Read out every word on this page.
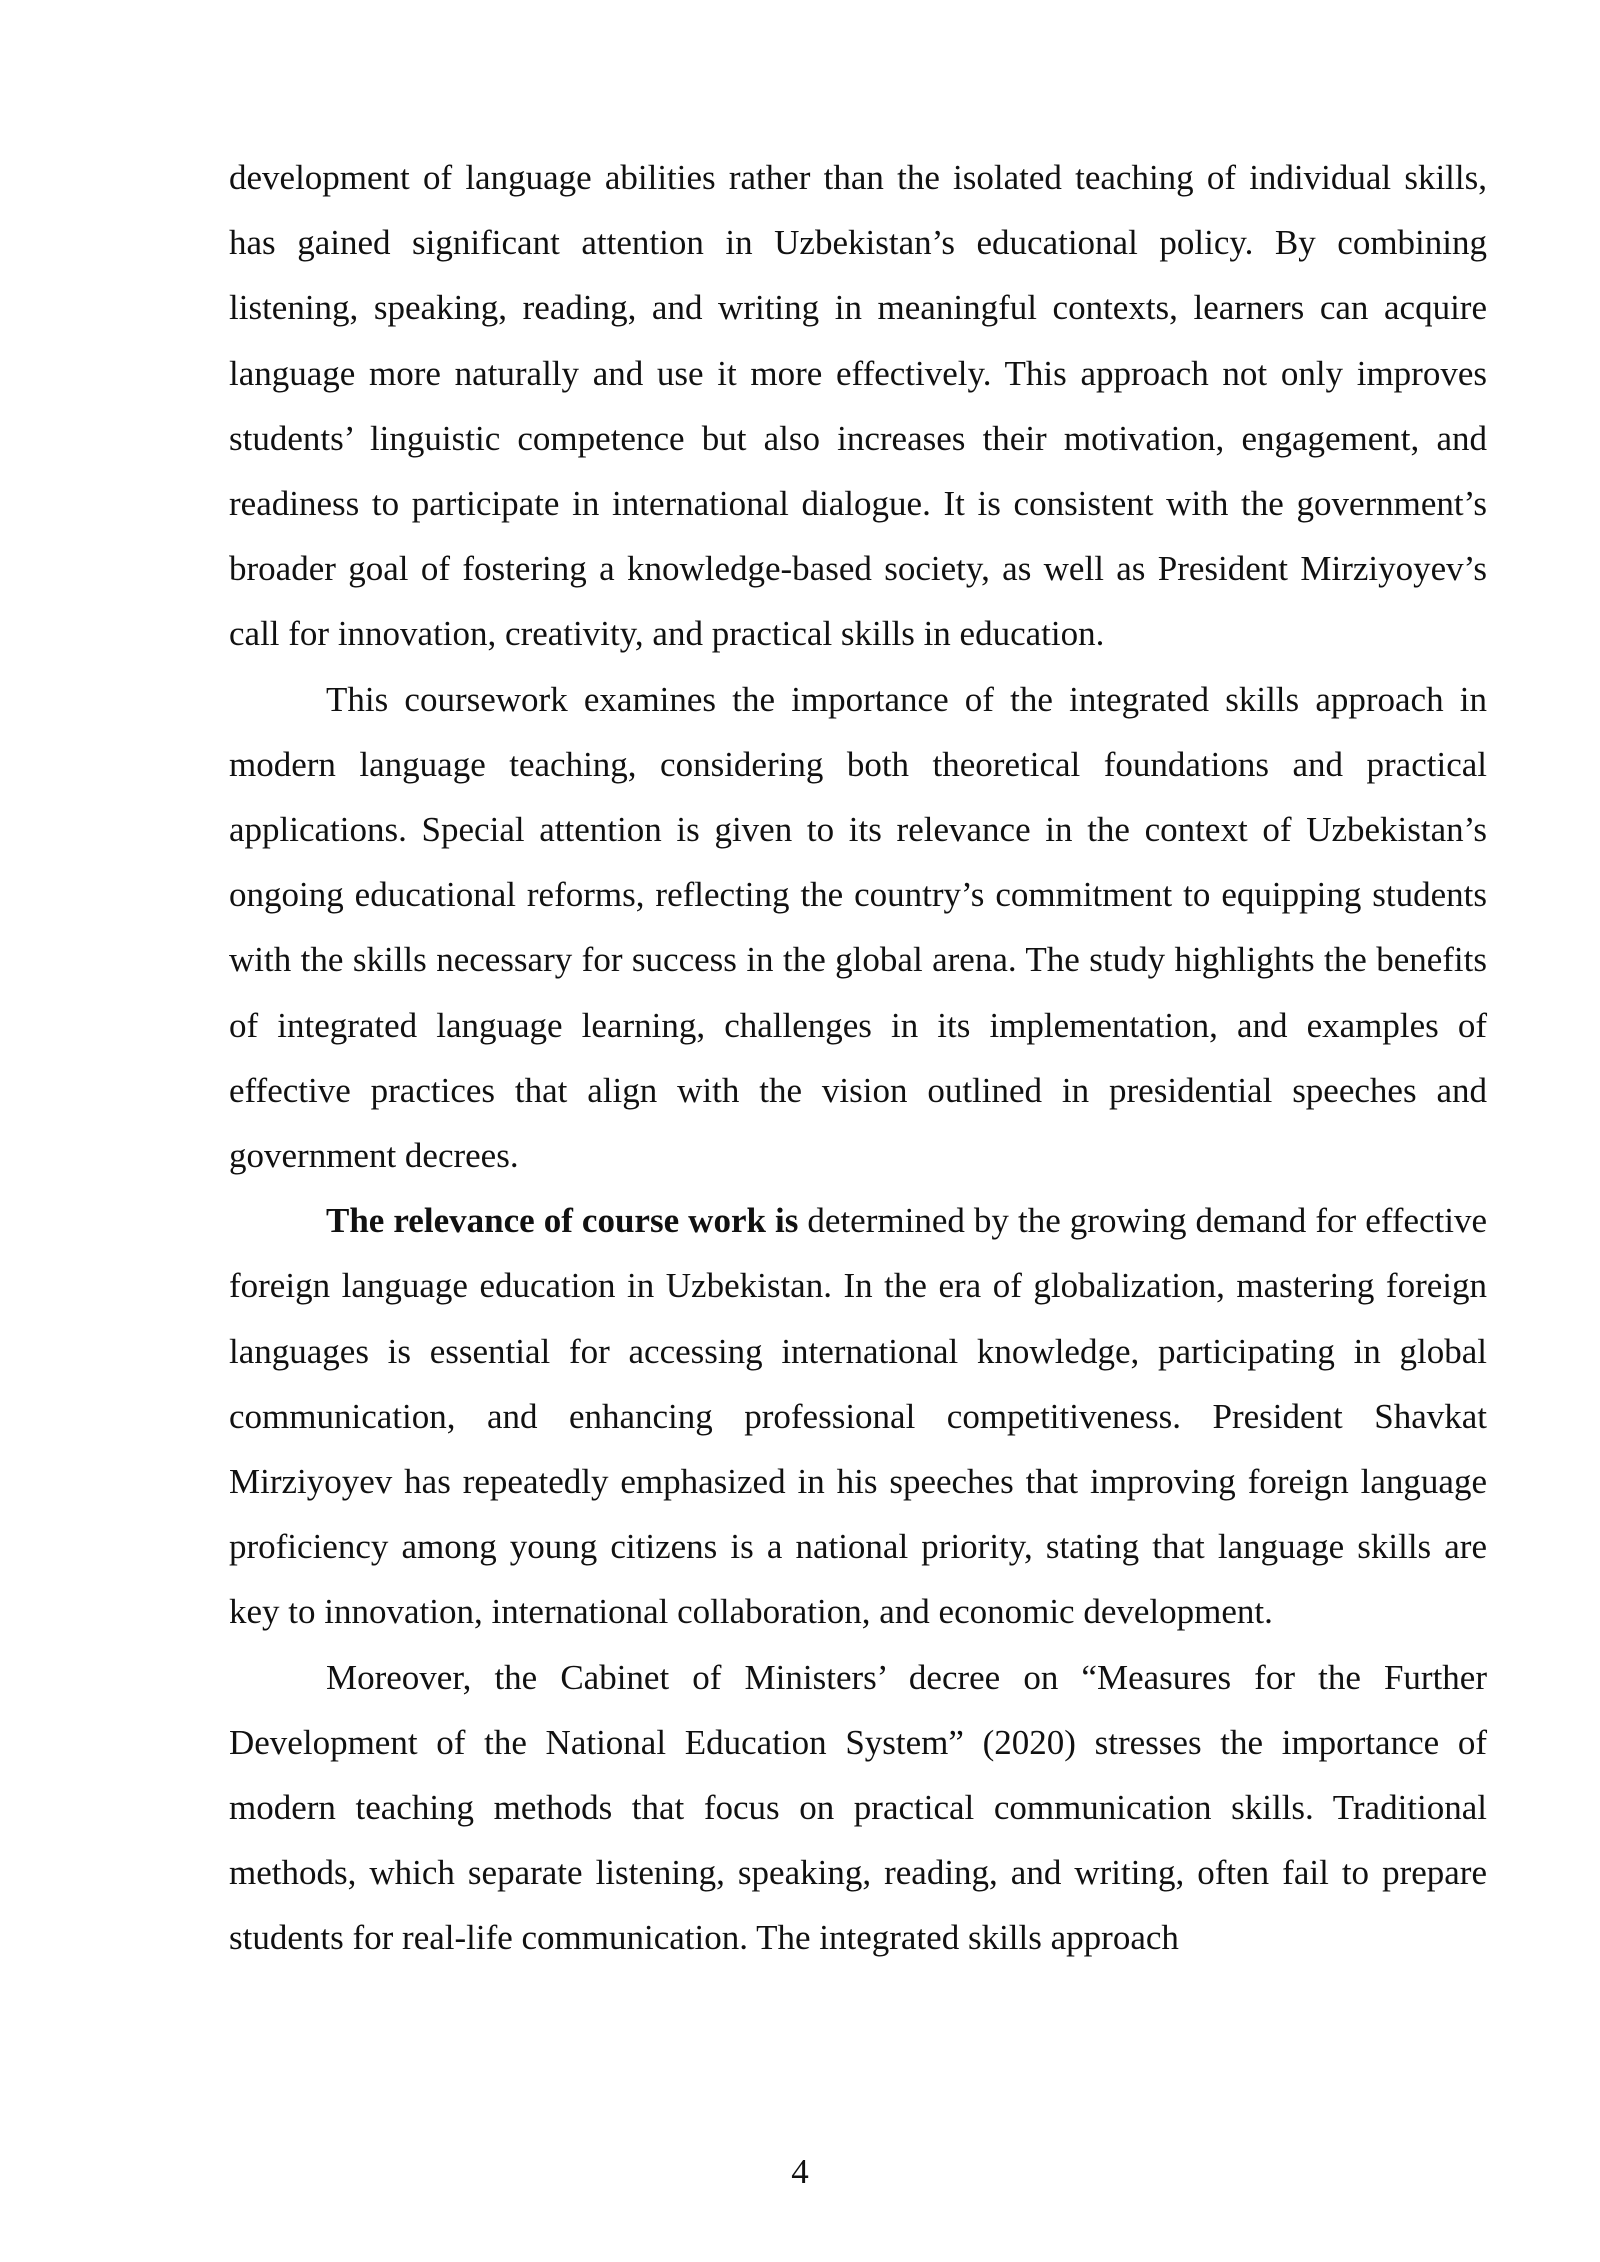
development of language abilities rather than the isolated teaching of individual skills, has gained significant attention in Uzbekistan’s educational policy. By combining listening, speaking, reading, and writing in meaningful contexts, learners can acquire language more naturally and use it more effectively. This approach not only improves students’ linguistic competence but also increases their motivation, engagement, and readiness to participate in international dialogue. It is consistent with the government’s broader goal of fostering a knowledge-based society, as well as President Mirziyoyev’s call for innovation, creativity, and practical skills in education.

This coursework examines the importance of the integrated skills approach in modern language teaching, considering both theoretical foundations and practical applications. Special attention is given to its relevance in the context of Uzbekistan’s ongoing educational reforms, reflecting the country’s commitment to equipping students with the skills necessary for success in the global arena. The study highlights the benefits of integrated language learning, challenges in its implementation, and examples of effective practices that align with the vision outlined in presidential speeches and government decrees.

The relevance of course work is determined by the growing demand for effective foreign language education in Uzbekistan. In the era of globalization, mastering foreign languages is essential for accessing international knowledge, participating in global communication, and enhancing professional competitiveness. President Shavkat Mirziyoyev has repeatedly emphasized in his speeches that improving foreign language proficiency among young citizens is a national priority, stating that language skills are key to innovation, international collaboration, and economic development.

Moreover, the Cabinet of Ministers’ decree on “Measures for the Further Development of the National Education System” (2020) stresses the importance of modern teaching methods that focus on practical communication skills. Traditional methods, which separate listening, speaking, reading, and writing, often fail to prepare students for real-life communication. The integrated skills approach

4
